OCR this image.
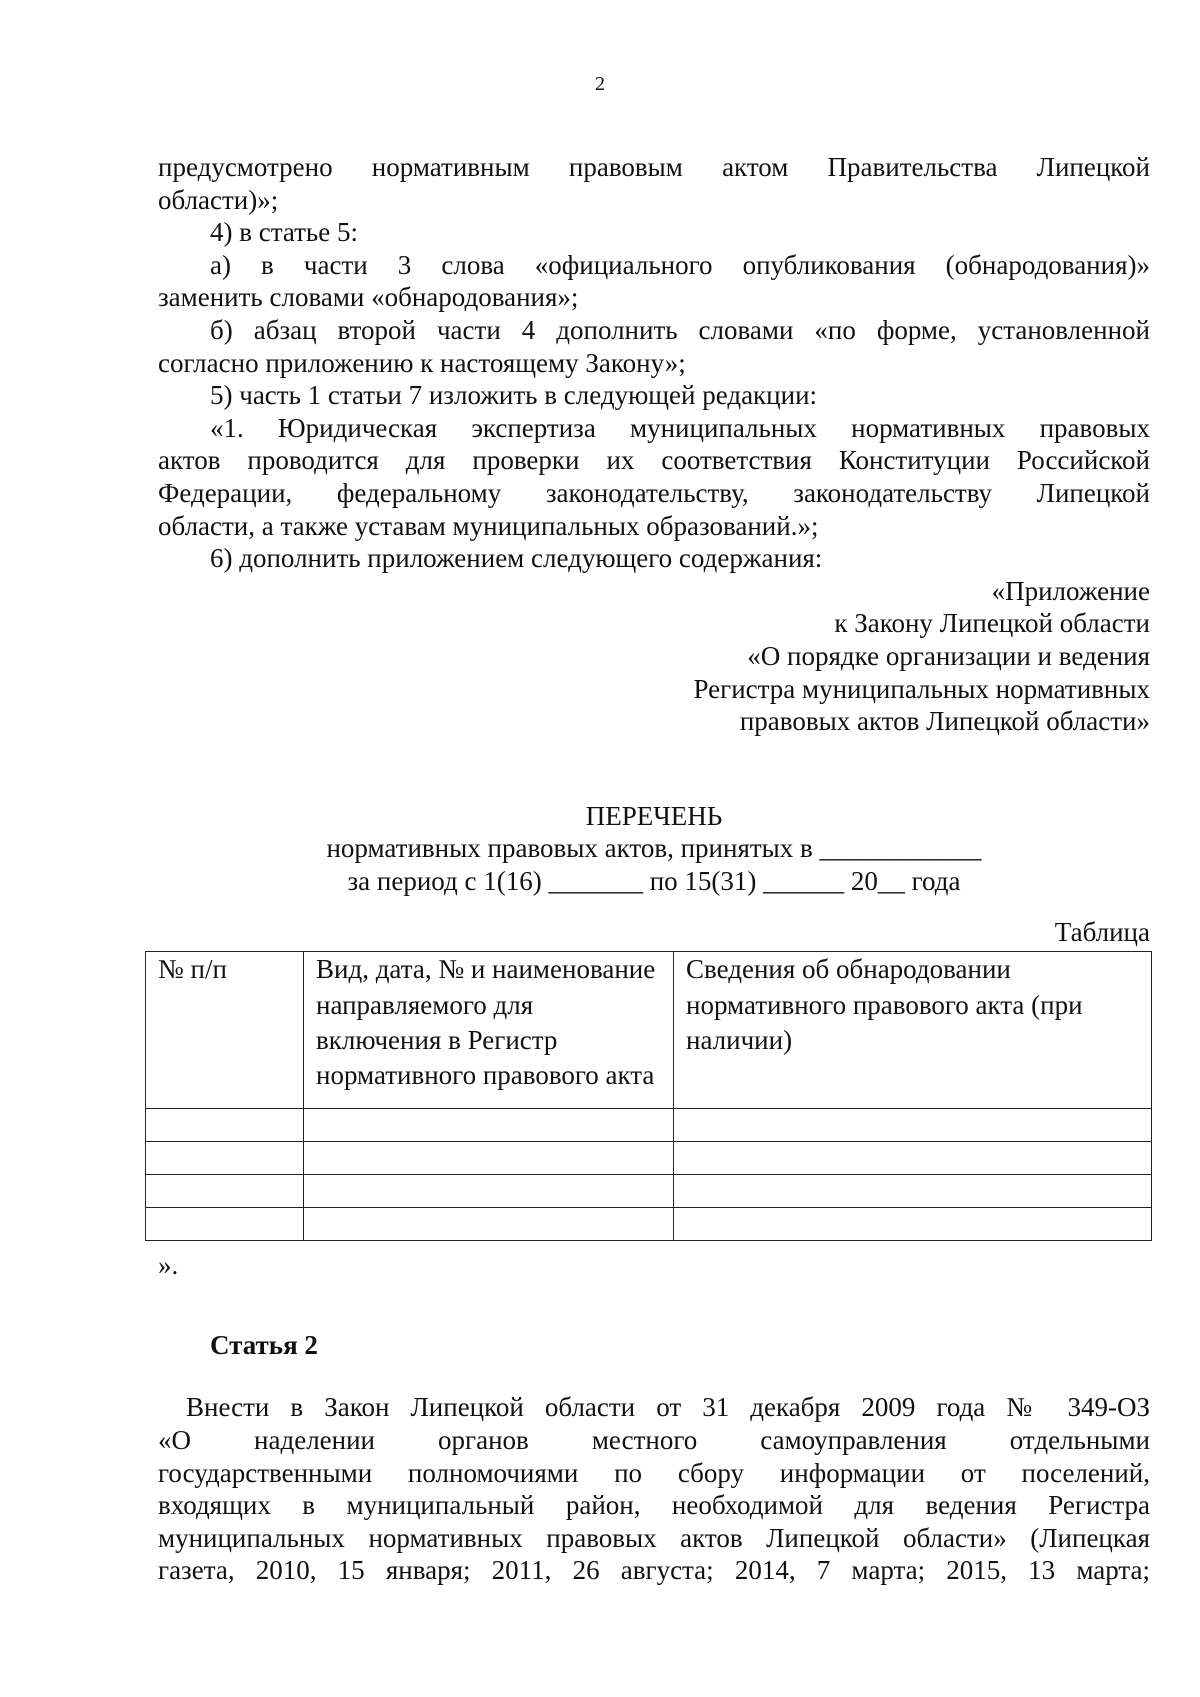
2

предусмотрено нормативным правовым актом Правительства Липецкой

области)»;

4) в статье 5:

а) в части 3 слова «официального опубликования (обнародования)»

заменить словами «обнародования»;

б) абзац второй части 4 дополнить словами «по форме, установленной

согласно приложению к настоящему Закону»;

5) часть 1 статьи 7 изложить в следующей редакции:

«1. Юридическая экспертиза муниципальных нормативных правовых

актов проводится для проверки их соответствия Конституции Российской

Федерации, федеральному законодательству, законодательству Липецкой

области, а также уставам муниципальных образований.»;

6) дополнить приложением следующего содержания:

«Приложение

к Закону Липецкой области

«О порядке организации и ведения

Регистра муниципальных нормативных

правовых актов Липецкой области»

ПЕРЕЧЕНЬ

нормативных правовых актов, принятых в ____________

за период с 1(16) _______ по 15(31) ______ 20__ года

Таблица

№ п/п	Вид, дата, № и наименование направляемого для включения в Регистр нормативного правового акта	Сведения об обнародовании нормативного правового акта (при наличии)

».

Статья 2

Внести в Закон Липецкой области от 31 декабря 2009 года № 349-ОЗ

«О наделении органов местного самоуправления отдельными

государственными полномочиями по сбору информации от поселений,

входящих в муниципальный район, необходимой для ведения Регистра

муниципальных нормативных правовых актов Липецкой области» (Липецкая

газета, 2010, 15 января; 2011, 26 августа; 2014, 7 марта; 2015, 13 марта;
